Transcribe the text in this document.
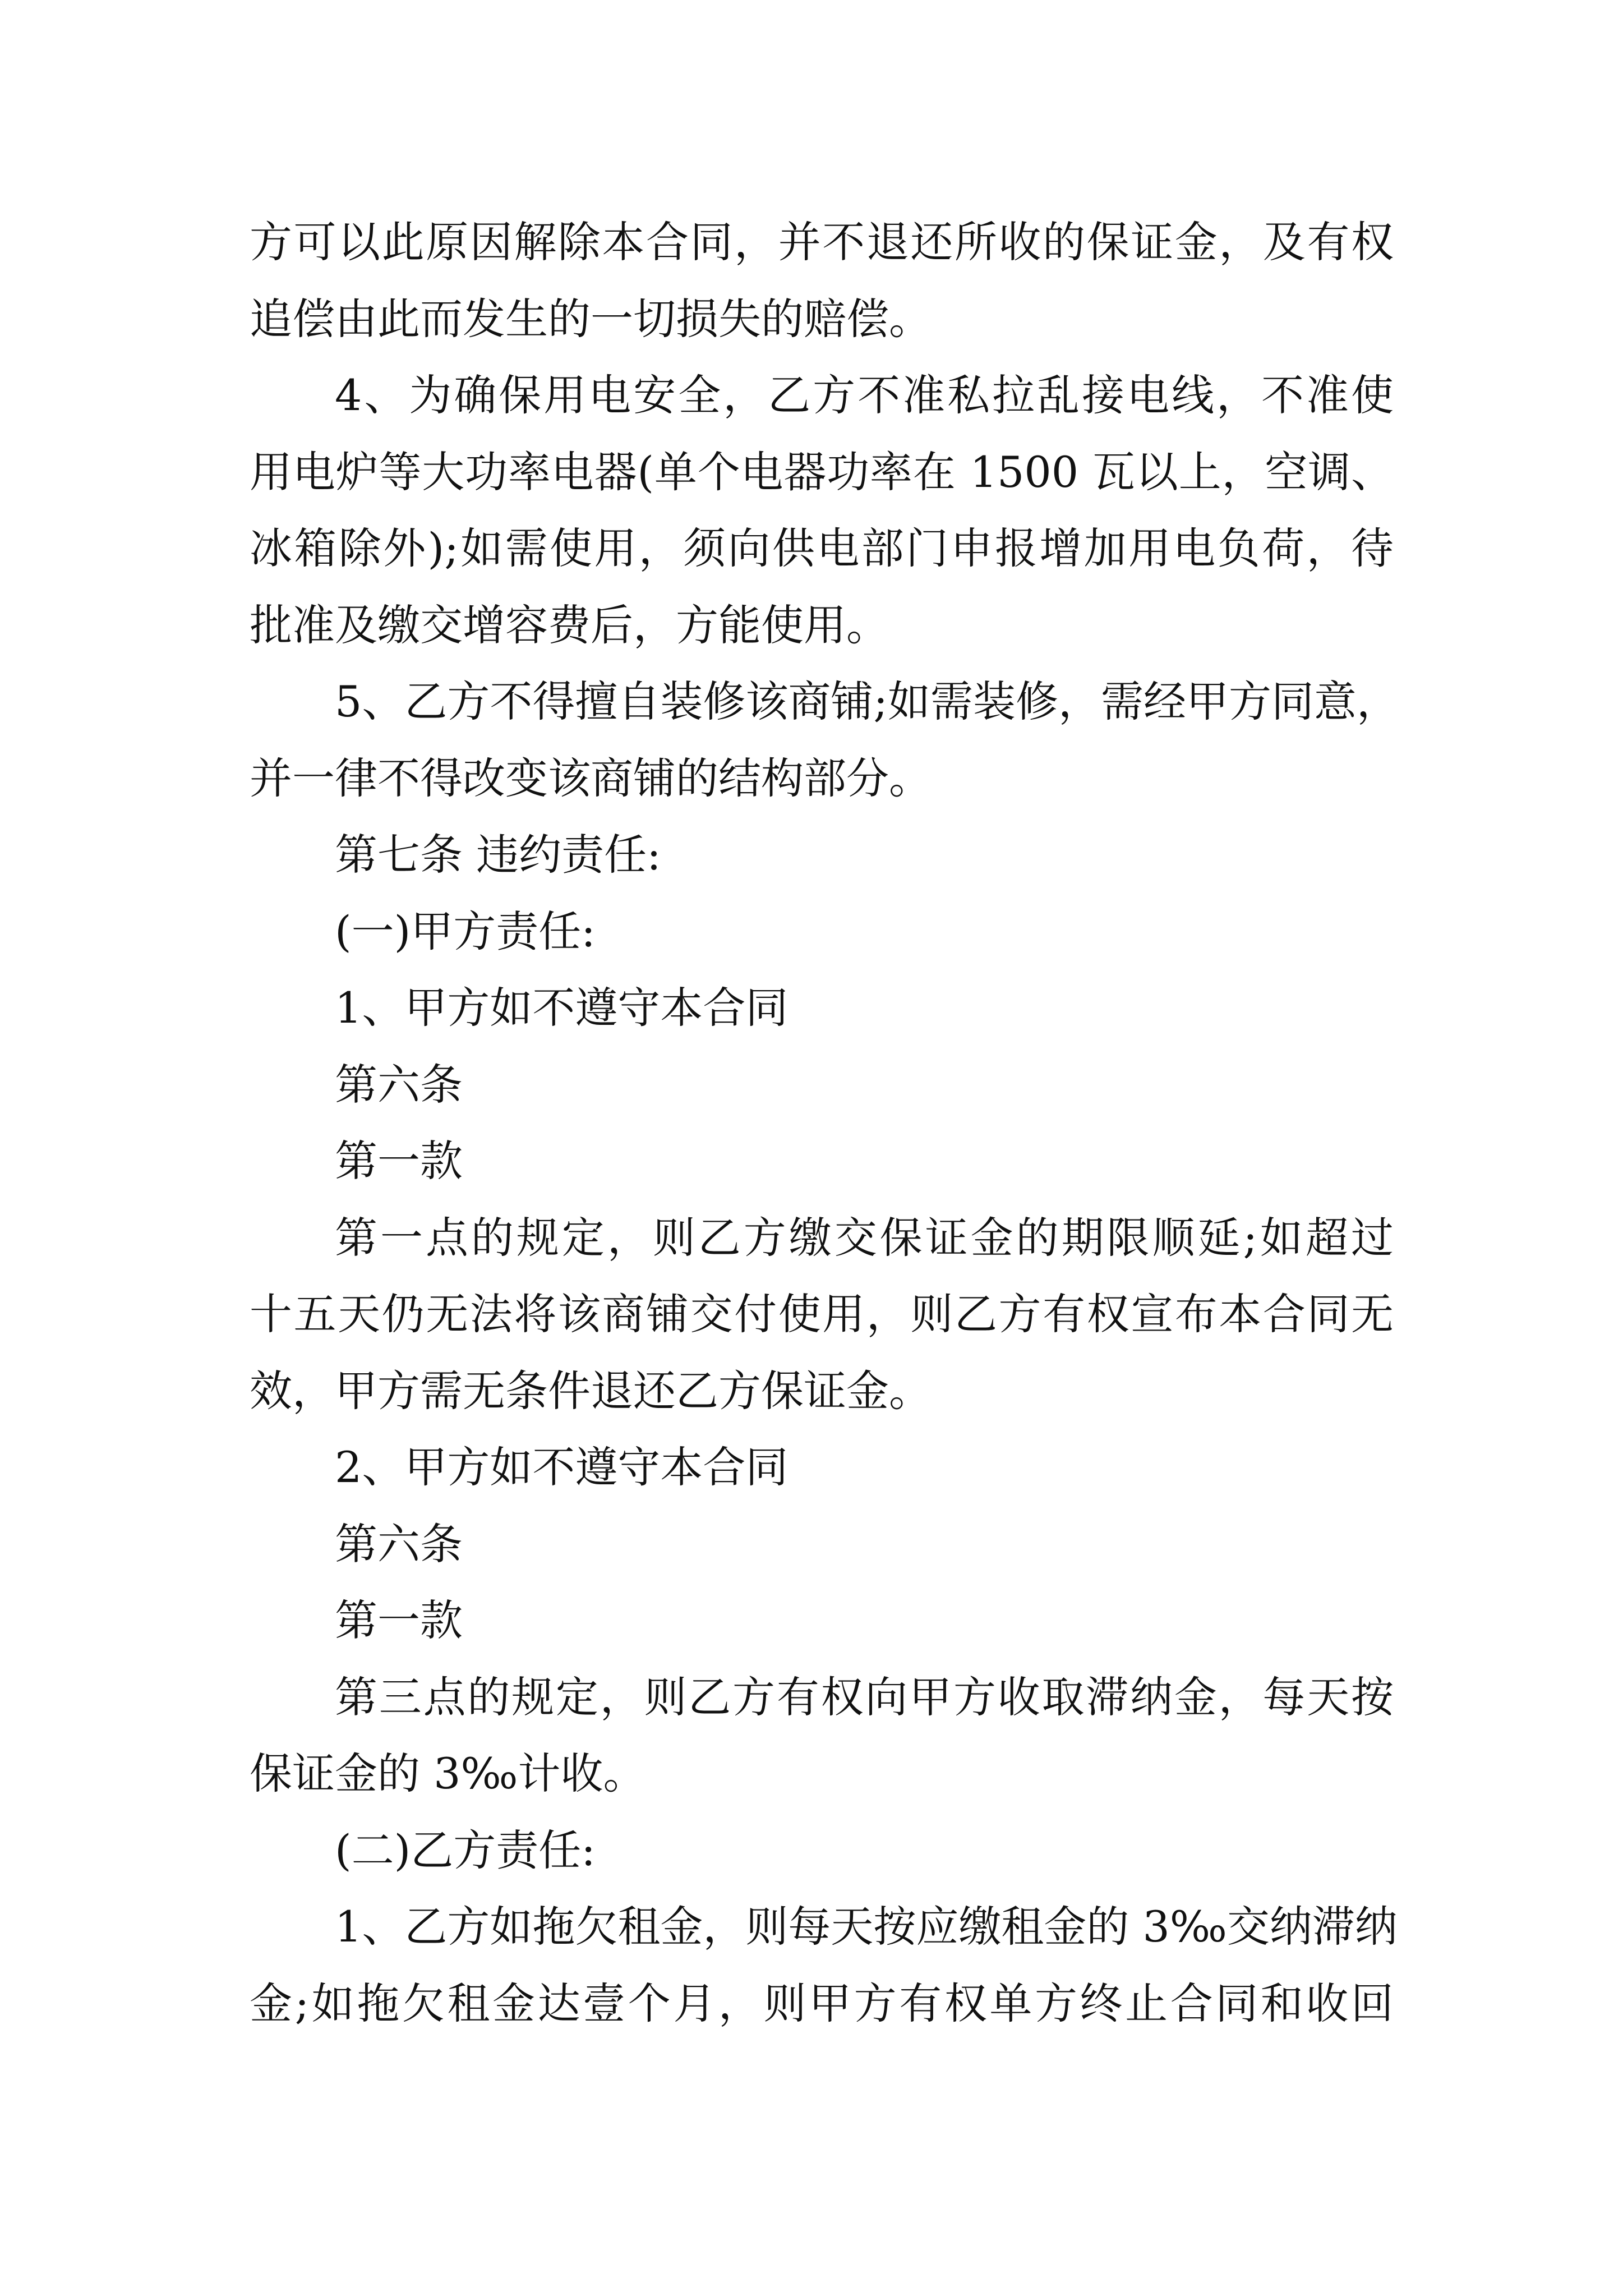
方可以此原因解除本合同，并不退还所收的保证金，及有权
追偿由此而发生的一切损失的赔偿。
4、为确保用电安全，乙方不准私拉乱接电线，不准使
用电炉等大功率电器(单个电器功率在 1500 瓦以上，空调、
冰箱除外);如需使用，须向供电部门申报增加用电负荷，待
批准及缴交增容费后，方能使用。
5、乙方不得擅自装修该商铺;如需装修，需经甲方同意，
并一律不得改变该商铺的结构部分。
第七条 违约责任:
(一)甲方责任:
1、甲方如不遵守本合同
第六条
第一款
第一点的规定，则乙方缴交保证金的期限顺延;如超过
十五天仍无法将该商铺交付使用，则乙方有权宣布本合同无
效，甲方需无条件退还乙方保证金。
2、甲方如不遵守本合同
第六条
第一款
第三点的规定，则乙方有权向甲方收取滞纳金，每天按
保证金的 3‰计收。
(二)乙方责任:
1、乙方如拖欠租金，则每天按应缴租金的 3‰交纳滞纳
金;如拖欠租金达壹个月，则甲方有权单方终止合同和收回
